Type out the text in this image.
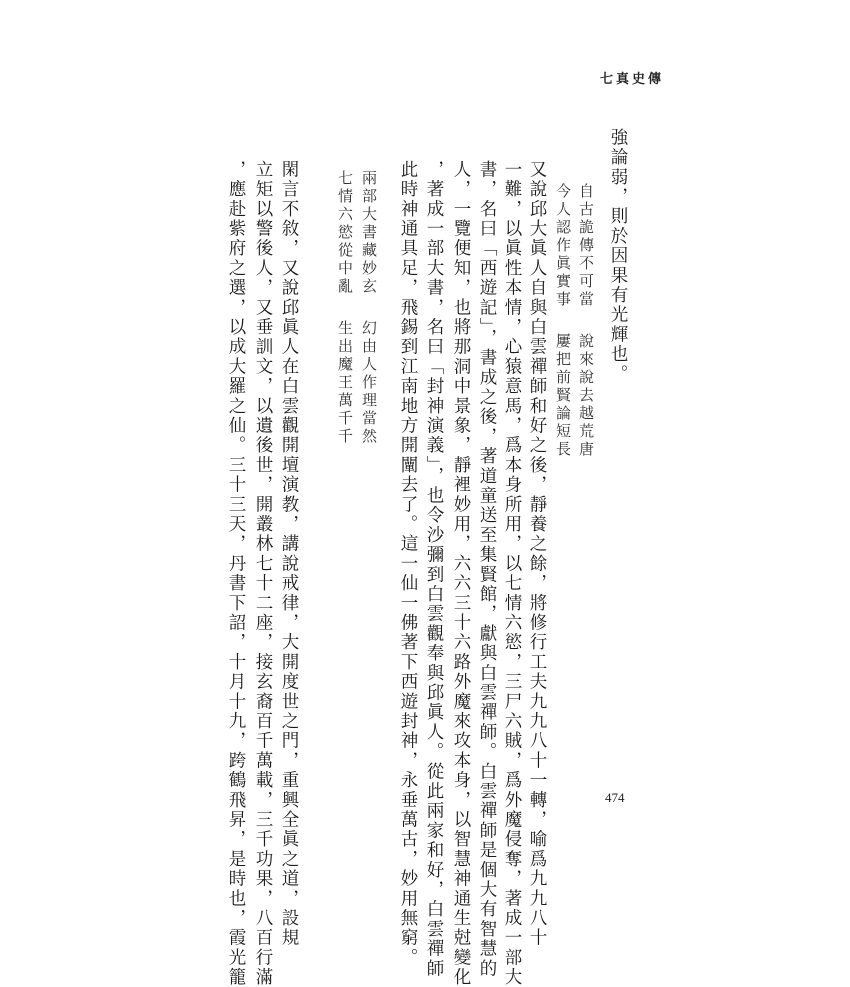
七真史傳
強論弱，則於因果有光輝也。
自古詭傳不可當說來說去越荒唐
今人認作眞實事屢把前賢論短長
又說邱大眞人自與白雲禪師和好之後，靜養之餘，將修行工夫九九八十一轉，喻爲九九八十
一難，以眞性本情，心猿意馬，爲本身所用，以七情六慾，三尸六賊，爲外魔侵奪，著成一部大
書，名曰「西遊記」，書成之後，著道童送至集賢館，獻與白雲禪師。白雲禪師是個大有智慧的
人，一覽便知，也將那洞中景象，靜裡妙用，六六三十六路外魔來攻本身，以智慧神通生尅變化
，著成一部大書，名曰「封神演義」，也令沙彌到白雲觀奉與邱眞人。從此兩家和好，白雲禪師
此時神通具足，飛錫到江南地方開闡去了。這一仙一佛著下西遊封神，永垂萬古，妙用無窮。
兩部大書藏妙玄幻由人作理當然
七情六慾從中亂生出魔王萬千千
閑言不敘，又說邱眞人在白雲觀開壇演教，講說戒律，大開度世之門，重興全眞之道，設規
立矩以警後人，又垂訓文，以遺後世，開叢林七十二座，接玄裔百千萬載，三千功果，八百行滿
，應赴紫府之選，以成大羅之仙。三十三天，丹書下詔，十月十九，跨鶴飛昇，是時也，霞光籠	474
